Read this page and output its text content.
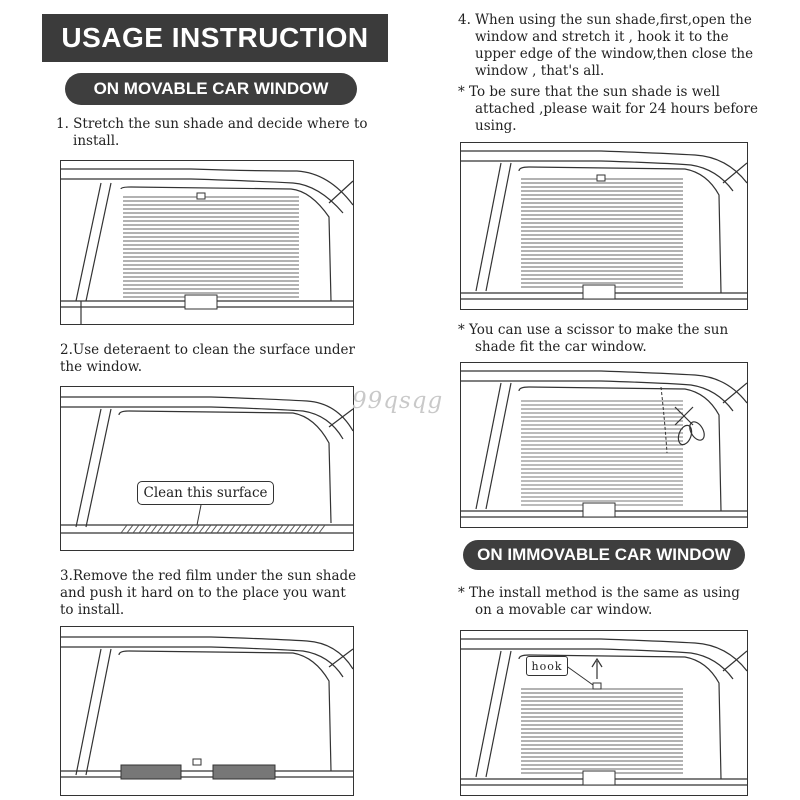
USAGE INSTRUCTION
ON MOVABLE CAR WINDOW
1. Stretch the sun shade and decide where to

install.
2.Use deteraent to clean the surface under
the window.
Clean this surface
3.Remove the red film under the sun shade
and push it hard on to the place you want
to install.
4. When using the sun shade,first,open the

window and stretch it , hook it to the
upper edge of the window,then close the
window , that's all.
* To be sure that the sun shade is well

attached ,please wait for 24 hours before
using.
* You can use a scissor to make the sun

shade fit the car window.
99qsqg
ON IMMOVABLE CAR WINDOW
* The install method is the same as using

on a movable car window.
hook
